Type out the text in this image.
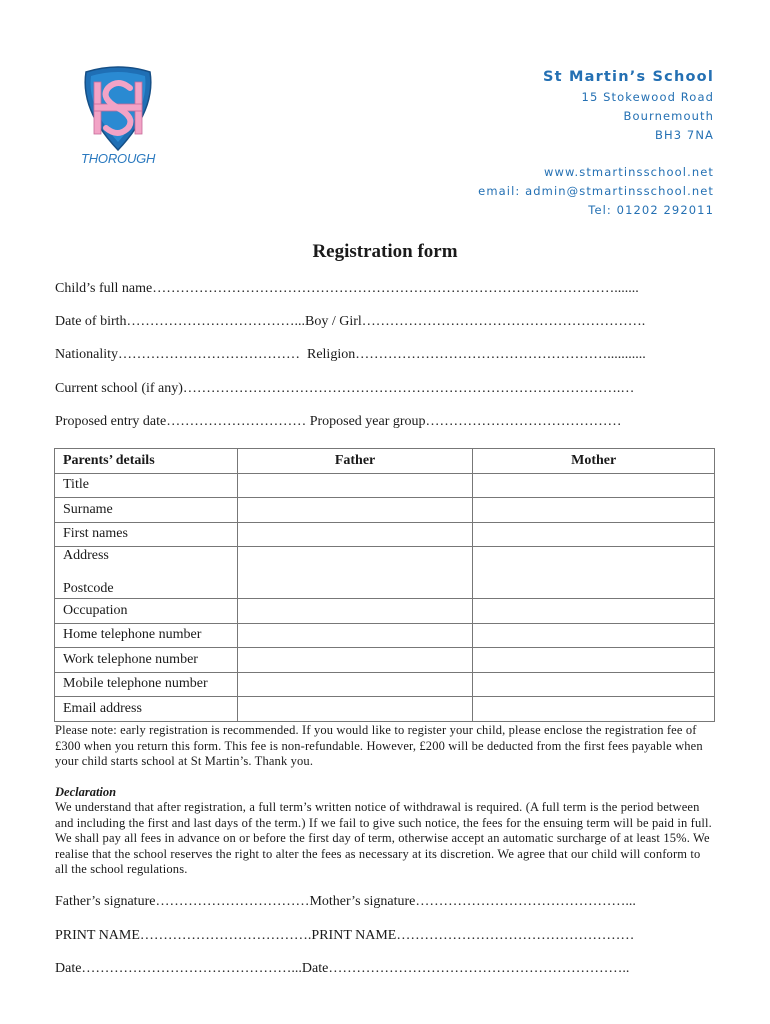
THOROUGH
St Martin’s School
15 Stokewood Road
Bournemouth
BH3 7NA
www.stmartinsschool.net
email: admin@stmartinsschool.net
Tel: 01202 292011
Registration form
Child’s full name……………………………………………………………………………………….......
Date of birth………………………………...Boy / Girl…………………………………………………….
Nationality…………………………………  Religion………………………………………………...........
Current school (if any)………………………………………………………………………………….…
Proposed entry date………………………… Proposed year group……………………………………
Parents’ details	Father	Mother
Title		
Surname		
First names		

Address
Postcode		

Occupation		
Home telephone number		
Work telephone number		
Mobile telephone number		
Email address		
Please note: early registration is recommended. If you would like to register your child, please enclose the registration fee of £300 when you return this form. This fee is non-refundable. However, £200 will be deducted from the first fees payable when your child starts school at St Martin’s. Thank you.
Declaration
We understand that after registration, a full term’s written notice of withdrawal is required. (A full term is the period between and including the first and last days of the term.) If we fail to give such notice, the fees for the ensuing term will be paid in full. We shall pay all fees in advance on or before the first day of term, otherwise accept an automatic surcharge of at least 15%. We realise that the school reserves the right to alter the fees as necessary at its discretion. We agree that our child will conform to all the school regulations.
Father’s signature……………………………Mother’s signature………………………………………...
PRINT NAME……………………………….PRINT NAME……………………………………………
Date………………………………………...Date………………………………………………………..
